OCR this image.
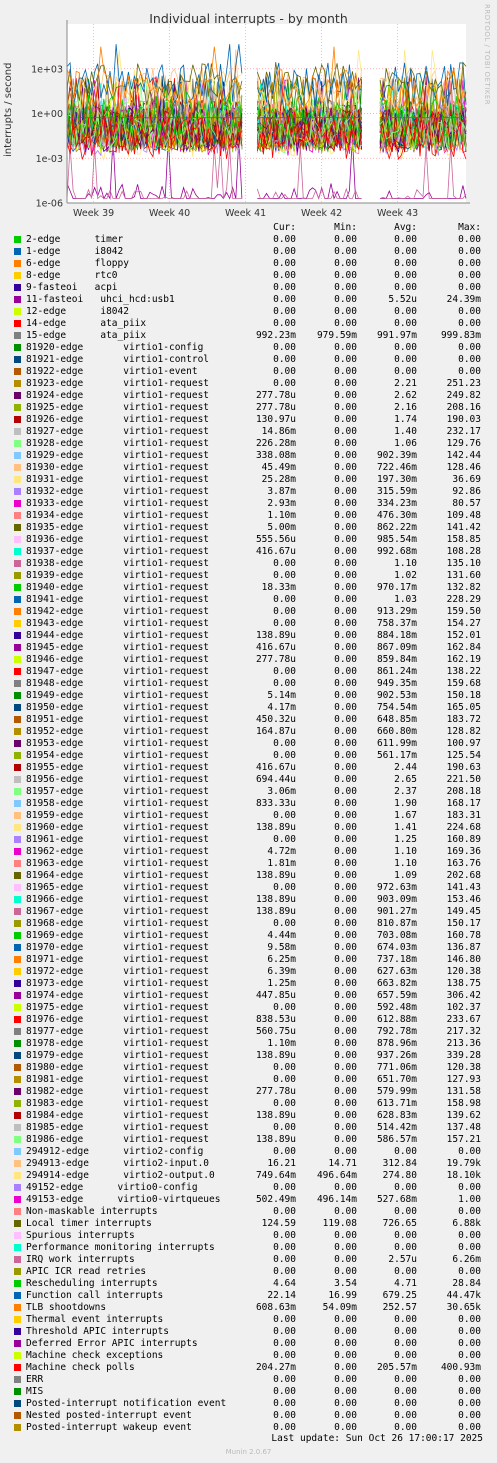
1e+03
1e+00
1e-03
1e-06
Week 39	Week 40	Week 41	Week 42	Week 43
Individual interrupts - by month	RRDTOOL / TOBI OETIKER
interrupts / second
Cur:	Min:	Avg:	Max:
2-edge      timer	0.00	0.00	0.00	0.00
1-edge      i8042	0.00	0.00	0.00	0.00
6-edge      floppy	0.00	0.00	0.00	0.00
8-edge      rtc0	0.00	0.00	0.00	0.00
9-fasteoi   acpi	0.00	0.00	0.00	0.00
11-fasteoi   uhci_hcd:usb1	0.00	0.00	5.52u	24.39m
12-edge      i8042	0.00	0.00	0.00	0.00
14-edge      ata_piix	0.00	0.00	0.00	0.00
15-edge      ata_piix	992.23m	979.59m	991.97m	999.83m
81920-edge       virtio1-config	0.00	0.00	0.00	0.00
81921-edge       virtio1-control	0.00	0.00	0.00	0.00
81922-edge       virtio1-event	0.00	0.00	0.00	0.00
81923-edge       virtio1-request	0.00	0.00	2.21	251.23
81924-edge       virtio1-request	277.78u	0.00	2.62	249.82
81925-edge       virtio1-request	277.78u	0.00	2.16	208.16
81926-edge       virtio1-request	130.97u	0.00	1.74	190.03
81927-edge       virtio1-request	14.86m	0.00	1.40	232.17
81928-edge       virtio1-request	226.28m	0.00	1.06	129.76
81929-edge       virtio1-request	338.08m	0.00	902.39m	142.44
81930-edge       virtio1-request	45.49m	0.00	722.46m	128.46
81931-edge       virtio1-request	25.28m	0.00	197.30m	36.69
81932-edge       virtio1-request	3.87m	0.00	315.59m	92.86
81933-edge       virtio1-request	2.93m	0.00	334.23m	80.57
81934-edge       virtio1-request	1.10m	0.00	476.30m	109.48
81935-edge       virtio1-request	5.00m	0.00	862.22m	141.42
81936-edge       virtio1-request	555.56u	0.00	985.54m	158.85
81937-edge       virtio1-request	416.67u	0.00	992.68m	108.28
81938-edge       virtio1-request	0.00	0.00	1.10	135.10
81939-edge       virtio1-request	0.00	0.00	1.02	131.60
81940-edge       virtio1-request	18.33m	0.00	970.17m	132.82
81941-edge       virtio1-request	0.00	0.00	1.03	228.29
81942-edge       virtio1-request	0.00	0.00	913.29m	159.50
81943-edge       virtio1-request	0.00	0.00	758.37m	154.27
81944-edge       virtio1-request	138.89u	0.00	884.18m	152.01
81945-edge       virtio1-request	416.67u	0.00	867.09m	162.84
81946-edge       virtio1-request	277.78u	0.00	859.84m	162.19
81947-edge       virtio1-request	0.00	0.00	861.24m	138.22
81948-edge       virtio1-request	0.00	0.00	949.35m	159.68
81949-edge       virtio1-request	5.14m	0.00	902.53m	150.18
81950-edge       virtio1-request	4.17m	0.00	754.54m	165.05
81951-edge       virtio1-request	450.32u	0.00	648.85m	183.72
81952-edge       virtio1-request	164.87u	0.00	660.80m	128.82
81953-edge       virtio1-request	0.00	0.00	611.99m	100.97
81954-edge       virtio1-request	0.00	0.00	561.17m	125.54
81955-edge       virtio1-request	416.67u	0.00	2.44	190.63
81956-edge       virtio1-request	694.44u	0.00	2.65	221.50
81957-edge       virtio1-request	3.06m	0.00	2.37	208.18
81958-edge       virtio1-request	833.33u	0.00	1.90	168.17
81959-edge       virtio1-request	0.00	0.00	1.67	183.31
81960-edge       virtio1-request	138.89u	0.00	1.41	224.68
81961-edge       virtio1-request	0.00	0.00	1.25	160.89
81962-edge       virtio1-request	4.72m	0.00	1.10	169.36
81963-edge       virtio1-request	1.81m	0.00	1.10	163.76
81964-edge       virtio1-request	138.89u	0.00	1.09	202.68
81965-edge       virtio1-request	0.00	0.00	972.63m	141.43
81966-edge       virtio1-request	138.89u	0.00	903.09m	153.46
81967-edge       virtio1-request	138.89u	0.00	901.27m	149.45
81968-edge       virtio1-request	0.00	0.00	810.87m	150.17
81969-edge       virtio1-request	4.44m	0.00	703.08m	160.78
81970-edge       virtio1-request	9.58m	0.00	674.03m	136.87
81971-edge       virtio1-request	6.25m	0.00	737.18m	146.80
81972-edge       virtio1-request	6.39m	0.00	627.63m	120.38
81973-edge       virtio1-request	1.25m	0.00	663.82m	138.75
81974-edge       virtio1-request	447.85u	0.00	657.59m	306.42
81975-edge       virtio1-request	0.00	0.00	592.48m	102.37
81976-edge       virtio1-request	838.53u	0.00	612.88m	233.67
81977-edge       virtio1-request	560.75u	0.00	792.78m	217.32
81978-edge       virtio1-request	1.10m	0.00	878.96m	213.36
81979-edge       virtio1-request	138.89u	0.00	937.26m	339.28
81980-edge       virtio1-request	0.00	0.00	771.06m	120.38
81981-edge       virtio1-request	0.00	0.00	651.70m	127.93
81982-edge       virtio1-request	277.78u	0.00	579.99m	131.58
81983-edge       virtio1-request	0.00	0.00	613.71m	158.98
81984-edge       virtio1-request	138.89u	0.00	628.83m	139.62
81985-edge       virtio1-request	0.00	0.00	514.42m	137.48
81986-edge       virtio1-request	138.89u	0.00	586.57m	157.21
294912-edge      virtio2-config	0.00	0.00	0.00	0.00
294913-edge      virtio2-input.0	16.21	14.71	312.84	19.79k
294914-edge      virtio2-output.0	749.64m	496.64m	274.80	18.10k
49152-edge      virtio0-config	0.00	0.00	0.00	0.00
49153-edge      virtio0-virtqueues	502.49m	496.14m	527.68m	1.00
Non-maskable interrupts	0.00	0.00	0.00	0.00
Local timer interrupts	124.59	119.08	726.65	6.88k
Spurious interrupts	0.00	0.00	0.00	0.00
Performance monitoring interrupts	0.00	0.00	0.00	0.00
IRQ work interrupts	0.00	0.00	2.57u	6.26m
APIC ICR read retries	0.00	0.00	0.00	0.00
Rescheduling interrupts	4.64	3.54	4.71	28.84
Function call interrupts	22.14	16.99	679.25	44.47k
TLB shootdowns	608.63m	54.09m	252.57	30.65k
Thermal event interrupts	0.00	0.00	0.00	0.00
Threshold APIC interrupts	0.00	0.00	0.00	0.00
Deferred Error APIC interrupts	0.00	0.00	0.00	0.00
Machine check exceptions	0.00	0.00	0.00	0.00
Machine check polls	204.27m	0.00	205.57m	400.93m
ERR	0.00	0.00	0.00	0.00
MIS	0.00	0.00	0.00	0.00
Posted-interrupt notification event	0.00	0.00	0.00	0.00
Nested posted-interrupt event	0.00	0.00	0.00	0.00
Posted-interrupt wakeup event	0.00	0.00	0.00	0.00
Last update: Sun Oct 26 17:00:17 2025
Munin 2.0.67
